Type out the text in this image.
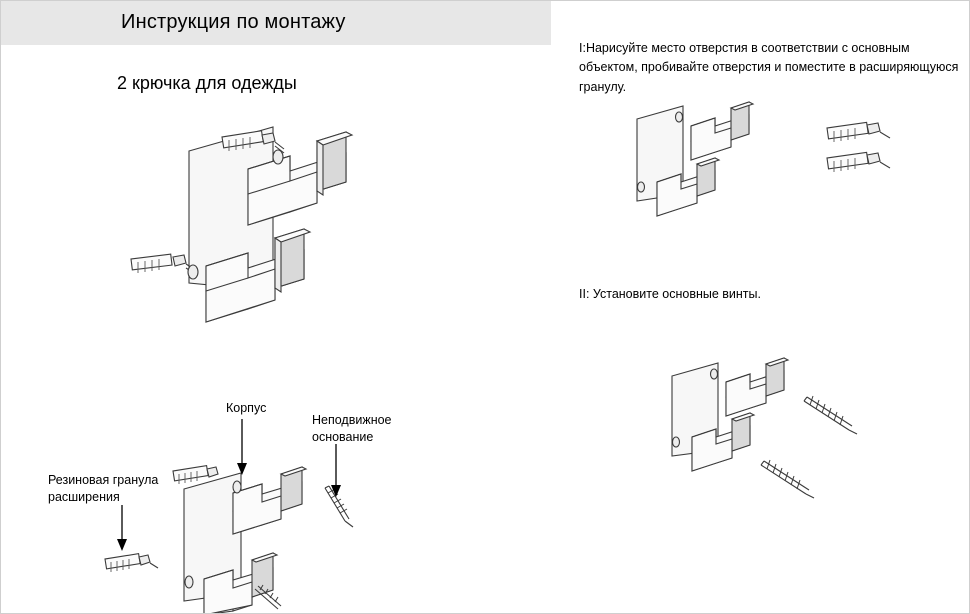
Инструкция по монтажу
2 крючка для одежды
I:Нарисуйте место отверстия в соответствии с основным объектом, пробивайте отверстия и поместите в расширяющуюся гранулу.
II: Установите основные винты.
Корпус
Неподвижное основание
Резиновая гранула расширения
